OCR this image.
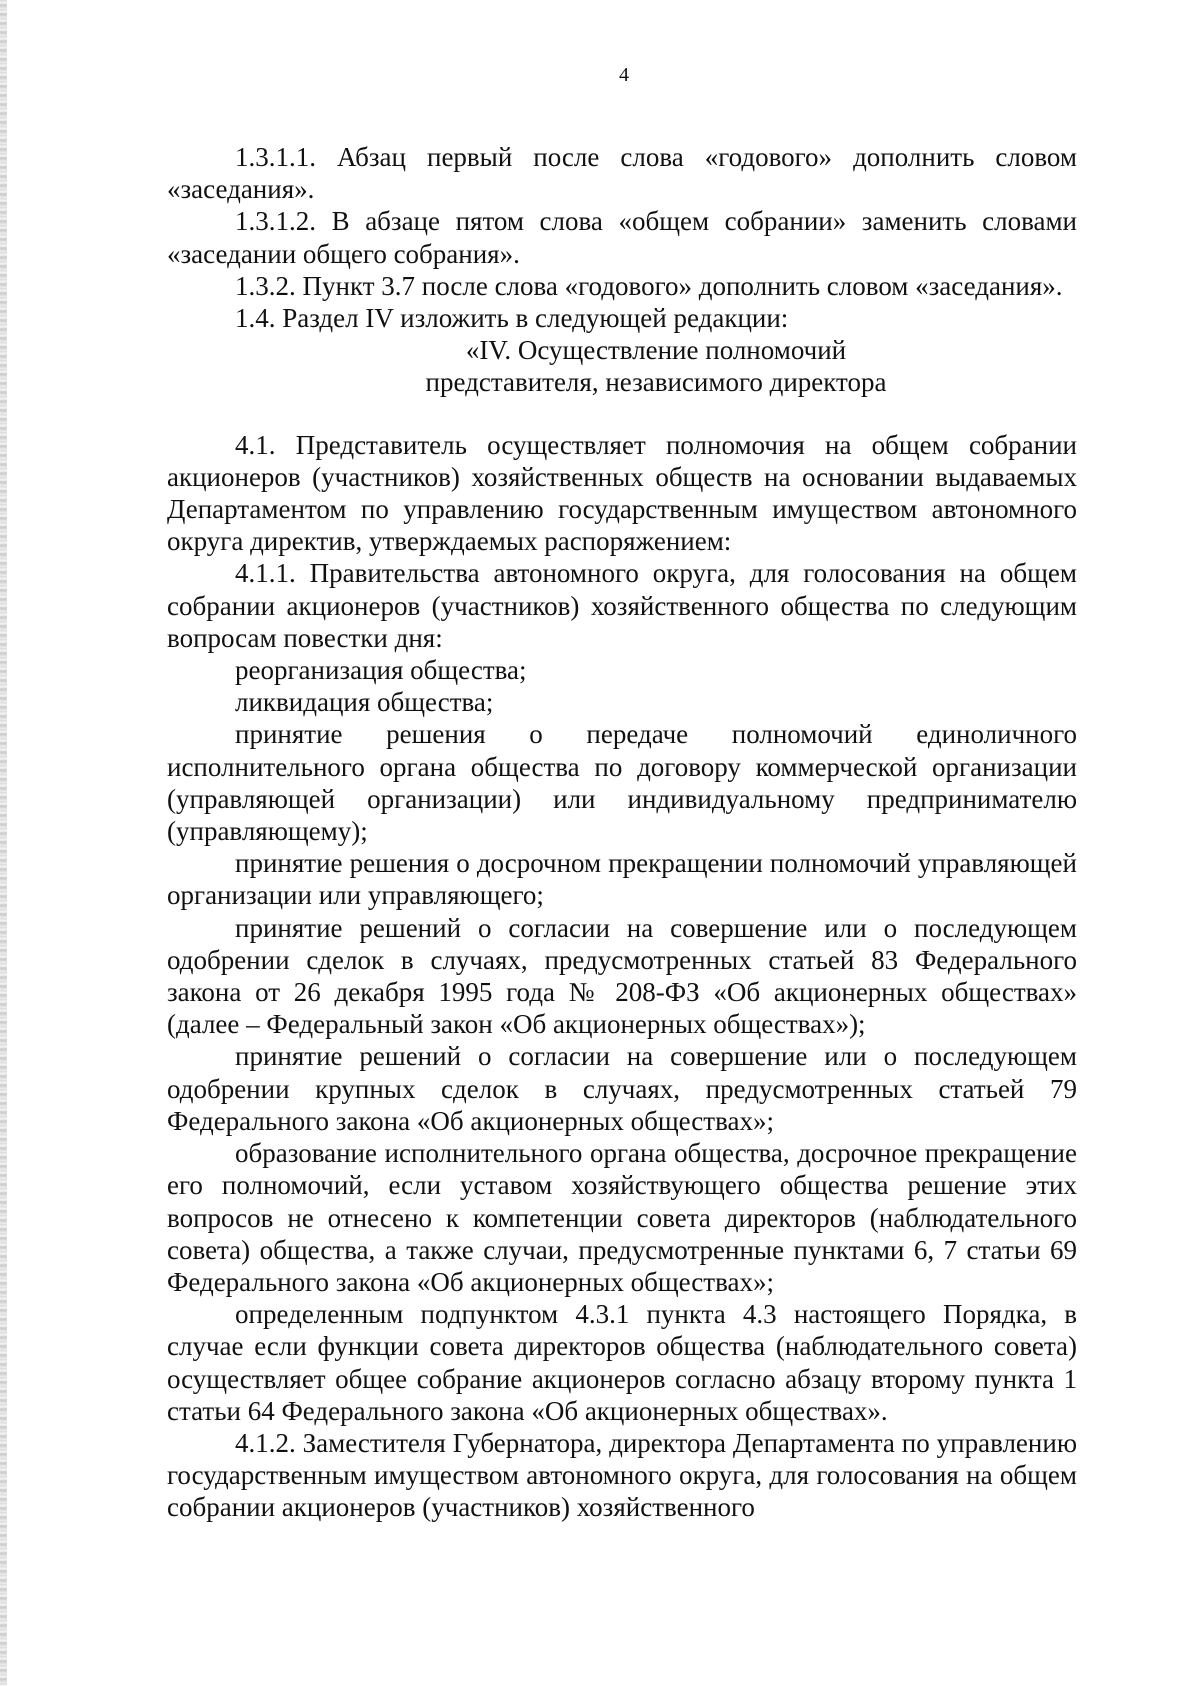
4

1.3.1.1. Абзац первый после слова «годового» дополнить словом «заседания».

1.3.1.2. В абзаце пятом слова «общем собрании» заменить словами «заседании общего собрания».

1.3.2. Пункт 3.7 после слова «годового» дополнить словом «заседания».

1.4. Раздел IV изложить в следующей редакции:

«IV. Осуществление полномочий

представителя, независимого директора

4.1. Представитель осуществляет полномочия на общем собрании акционеров (участников) хозяйственных обществ на основании выдаваемых Департаментом по управлению государственным имуществом автономного округа директив, утверждаемых распоряжением:

4.1.1. Правительства автономного округа, для голосования на общем собрании акционеров (участников) хозяйственного общества по следующим вопросам повестки дня:

реорганизация общества;

ликвидация общества;

принятие решения о передаче полномочий единоличного исполнительного органа общества по договору коммерческой организации (управляющей организации) или индивидуальному предпринимателю (управляющему);

принятие решения о досрочном прекращении полномочий управляющей организации или управляющего;

принятие решений о согласии на совершение или о последующем одобрении сделок в случаях, предусмотренных статьей 83 Федерального закона от 26 декабря 1995 года № 208-ФЗ «Об акционерных обществах» (далее – Федеральный закон «Об акционерных обществах»);

принятие решений о согласии на совершение или о последующем одобрении крупных сделок в случаях, предусмотренных статьей 79 Федерального закона «Об акционерных обществах»;

образование исполнительного органа общества, досрочное прекращение его полномочий, если уставом хозяйствующего общества решение этих вопросов не отнесено к компетенции совета директоров (наблюдательного совета) общества, а также случаи, предусмотренные пунктами 6, 7 статьи 69 Федерального закона «Об акционерных обществах»;

определенным подпунктом 4.3.1 пункта 4.3 настоящего Порядка, в случае если функции совета директоров общества (наблюдательного совета) осуществляет общее собрание акционеров согласно абзацу второму пункта 1 статьи 64 Федерального закона «Об акционерных обществах».

4.1.2. Заместителя Губернатора, директора Департамента по управлению государственным имуществом автономного округа, для голосования на общем собрании акционеров (участников) хозяйственного
